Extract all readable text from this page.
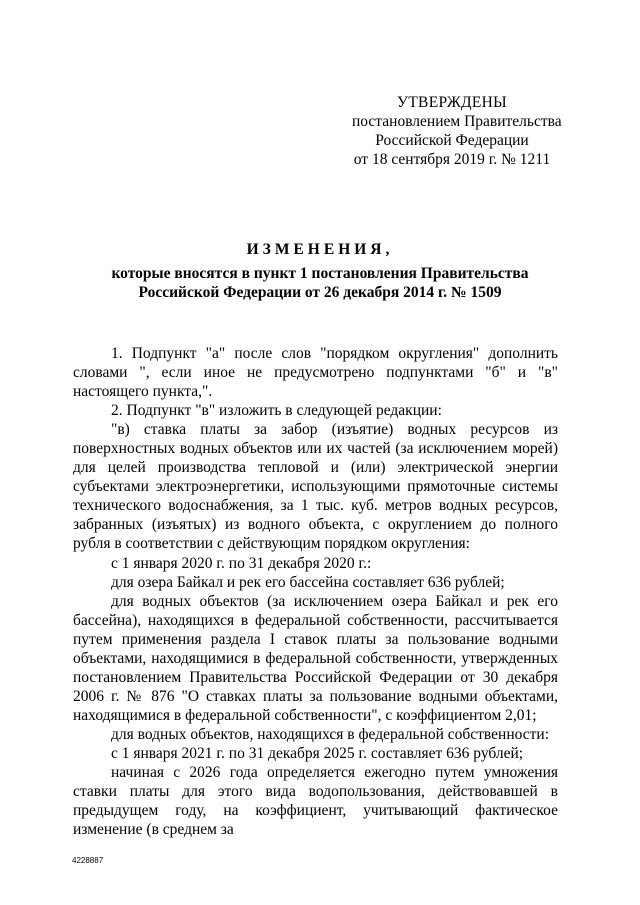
УТВЕРЖДЕНЫ
постановлением Правительства
Российской Федерации
от 18 сентября 2019 г. № 1211
ИЗМЕНЕНИЯ,
которые вносятся в пункт 1 постановления Правительства
Российской Федерации от 26 декабря 2014 г. № 1509

1. Подпункт "а" после слов "порядком округления" дополнить словами ", если иное не предусмотрено подпунктами "б" и "в" настоящего пункта,".

2. Подпункт "в" изложить в следующей редакции:

"в) ставка платы за забор (изъятие) водных ресурсов из поверхностных водных объектов или их частей (за исключением морей) для целей производства тепловой и (или) электрической энергии субъектами электроэнергетики, использующими прямоточные системы технического водоснабжения, за 1 тыс. куб. метров водных ресурсов, забранных (изъятых) из водного объекта, с округлением до полного рубля в соответствии с действующим порядком округления:

с 1 января 2020 г. по 31 декабря 2020 г.:

для озера Байкал и рек его бассейна составляет 636 рублей;

для водных объектов (за исключением озера Байкал и рек его бассейна), находящихся в федеральной собственности, рассчитывается путем применения раздела I ставок платы за пользование водными объектами, находящимися в федеральной собственности, утвержденных постановлением Правительства Российской Федерации от 30 декабря 2006 г. № 876 "О ставках платы за пользование водными объектами, находящимися в федеральной собственности", с коэффициентом 2,01;

для водных объектов, находящихся в федеральной собственности:

с 1 января 2021 г. по 31 декабря 2025 г. составляет 636 рублей;

начиная с 2026 года определяется ежегодно путем умножения ставки платы для этого вида водопользования, действовавшей в предыдущем году, на коэффициент, учитывающий фактическое изменение (в среднем за

4228887
